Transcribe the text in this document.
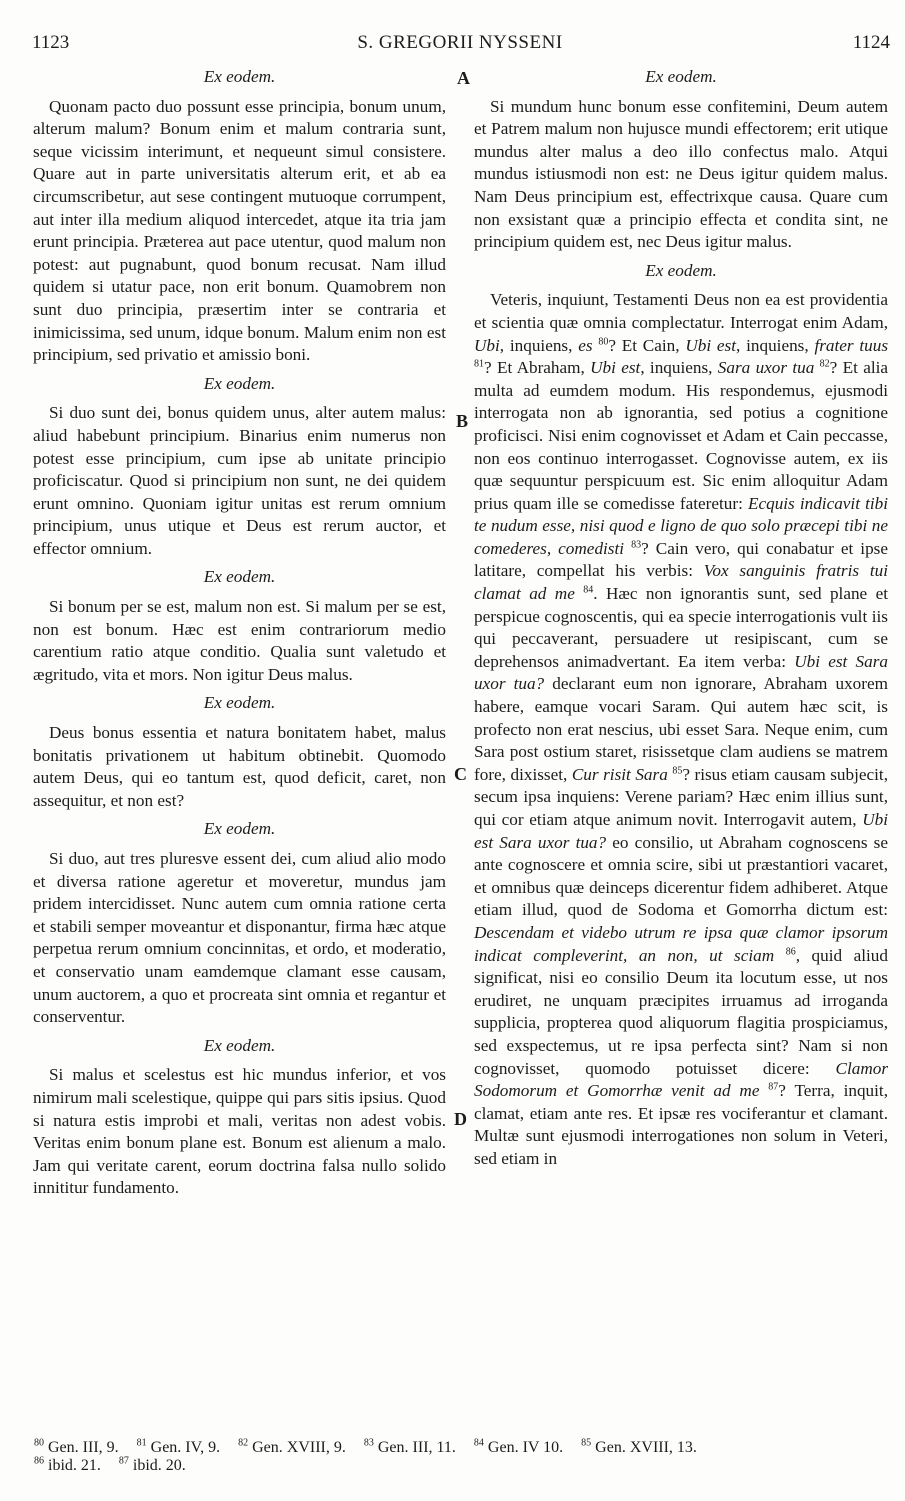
1123	S. GREGORII NYSSENI	1124
A
B
C
D

Ex eodem.

Quonam pacto duo possunt esse principia, bonum unum, alterum malum? Bonum enim et malum contraria sunt, seque vicissim interimunt, et nequeunt simul consistere. Quare aut in parte universitatis alterum erit, et ab ea circumscribetur, aut sese contingent mutuoque corrumpent, aut inter illa medium aliquod intercedet, atque ita tria jam erunt principia. Præterea aut pace utentur, quod malum non potest: aut pugnabunt, quod bonum recusat. Nam illud quidem si utatur pace, non erit bonum. Quamobrem non sunt duo principia, præsertim inter se contraria et inimicissima, sed unum, idque bonum. Malum enim non est principium, sed privatio et amissio boni.

Ex eodem.

Si duo sunt dei, bonus quidem unus, alter autem malus: aliud habebunt principium. Binarius enim numerus non potest esse principium, cum ipse ab unitate principio proficiscatur. Quod si principium non sunt, ne dei quidem erunt omnino. Quoniam igitur unitas est rerum omnium principium, unus utique et Deus est rerum auctor, et effector omnium.

Ex eodem.

Si bonum per se est, malum non est. Si malum per se est, non est bonum. Hæc est enim contrariorum medio carentium ratio atque conditio. Qualia sunt valetudo et ægritudo, vita et mors. Non igitur Deus malus.

Ex eodem.

Deus bonus essentia et natura bonitatem habet, malus bonitatis privationem ut habitum obtinebit. Quomodo autem Deus, qui eo tantum est, quod deficit, caret, non assequitur, et non est?

Ex eodem.

Si duo, aut tres pluresve essent dei, cum aliud alio modo et diversa ratione ageretur et moveretur, mundus jam pridem intercidisset. Nunc autem cum omnia ratione certa et stabili semper moveantur et disponantur, firma hæc atque perpetua rerum omnium concinnitas, et ordo, et moderatio, et conservatio unam eamdemque clamant esse causam, unum auctorem, a quo et procreata sint omnia et regantur et conserventur.

Ex eodem.

Si malus et scelestus est hic mundus inferior, et vos nimirum mali scelestique, quippe qui pars sitis ipsius. Quod si natura estis improbi et mali, veritas non adest vobis. Veritas enim bonum plane est. Bonum est alienum a malo. Jam qui veritate carent, eorum doctrina falsa nullo solido innititur fundamento.

Ex eodem.

Si mundum hunc bonum esse confitemini, Deum autem et Patrem malum non hujusce mundi effectorem; erit utique mundus alter malus a deo illo confectus malo. Atqui mundus istiusmodi non est: ne Deus igitur quidem malus. Nam Deus principium est, effectrixque causa. Quare cum non exsistant quæ a principio effecta et condita sint, ne principium quidem est, nec Deus igitur malus.

Ex eodem.

Veteris, inquiunt, Testamenti Deus non ea est providentia et scientia quæ omnia complectatur. Interrogat enim Adam, Ubi, inquiens, es $^{80}$? Et Cain, Ubi est, inquiens, frater tuus $^{81}$? Et Abraham, Ubi est, inquiens, Sara uxor tua $^{82}$? Et alia multa ad eumdem modum. His respondemus, ejusmodi interrogata non ab ignorantia, sed potius a cognitione proficisci. Nisi enim cognovisset et Adam et Cain peccasse, non eos continuo interrogasset. Cognovisse autem, ex iis quæ sequuntur perspicuum est. Sic enim alloquitur Adam prius quam ille se comedisse fateretur: Ecquis indicavit tibi te nudum esse, nisi quod e ligno de quo solo præcepi tibi ne comederes, comedisti $^{83}$? Cain vero, qui conabatur et ipse latitare, compellat his verbis: Vox sanguinis fratris tui clamat ad me $^{84}$. Hæc non ignorantis sunt, sed plane et perspicue cognoscentis, qui ea specie interrogationis vult iis qui peccaverant, persuadere ut resipiscant, cum se deprehensos animadvertant. Ea item verba: Ubi est Sara uxor tua? declarant eum non ignorare, Abraham uxorem habere, eamque vocari Saram. Qui autem hæc scit, is profecto non erat nescius, ubi esset Sara. Neque enim, cum Sara post ostium staret, risissetque clam audiens se matrem fore, dixisset, Cur risit Sara $^{85}$? risus etiam causam subjecit, secum ipsa inquiens: Verene pariam? Hæc enim illius sunt, qui cor etiam atque animum novit. Interrogavit autem, Ubi est Sara uxor tua? eo consilio, ut Abraham cognoscens se ante cognoscere et omnia scire, sibi ut præstantiori vacaret, et omnibus quæ deinceps dicerentur fidem adhiberet. Atque etiam illud, quod de Sodoma et Gomorrha dictum est: Descendam et videbo utrum re ipsa quæ clamor ipsorum indicat compleverint, an non, ut sciam $^{86}$, quid aliud significat, nisi eo consilio Deum ita locutum esse, ut nos erudiret, ne unquam præcipites irruamus ad irroganda supplicia, propterea quod aliquorum flagitia prospiciamus, sed exspectemus, ut re ipsa perfecta sint? Nam si non cognovisset, quomodo potuisset dicere: Clamor Sodomorum et Gomorrhæ venit ad me $^{87}$? Terra, inquit, clamat, etiam ante res. Et ipsæ res vociferantur et clamant. Multæ sunt ejusmodi interrogationes non solum in Veteri, sed etiam in

$^{80}$ Gen. III, 9. $^{81}$ Gen. IV, 9. $^{82}$ Gen. XVIII, 9. $^{83}$ Gen. III, 11. $^{84}$ Gen. IV 10. $^{85}$ Gen. XVIII, 13.
$^{86}$ ibid. 21. $^{87}$ ibid. 20.
